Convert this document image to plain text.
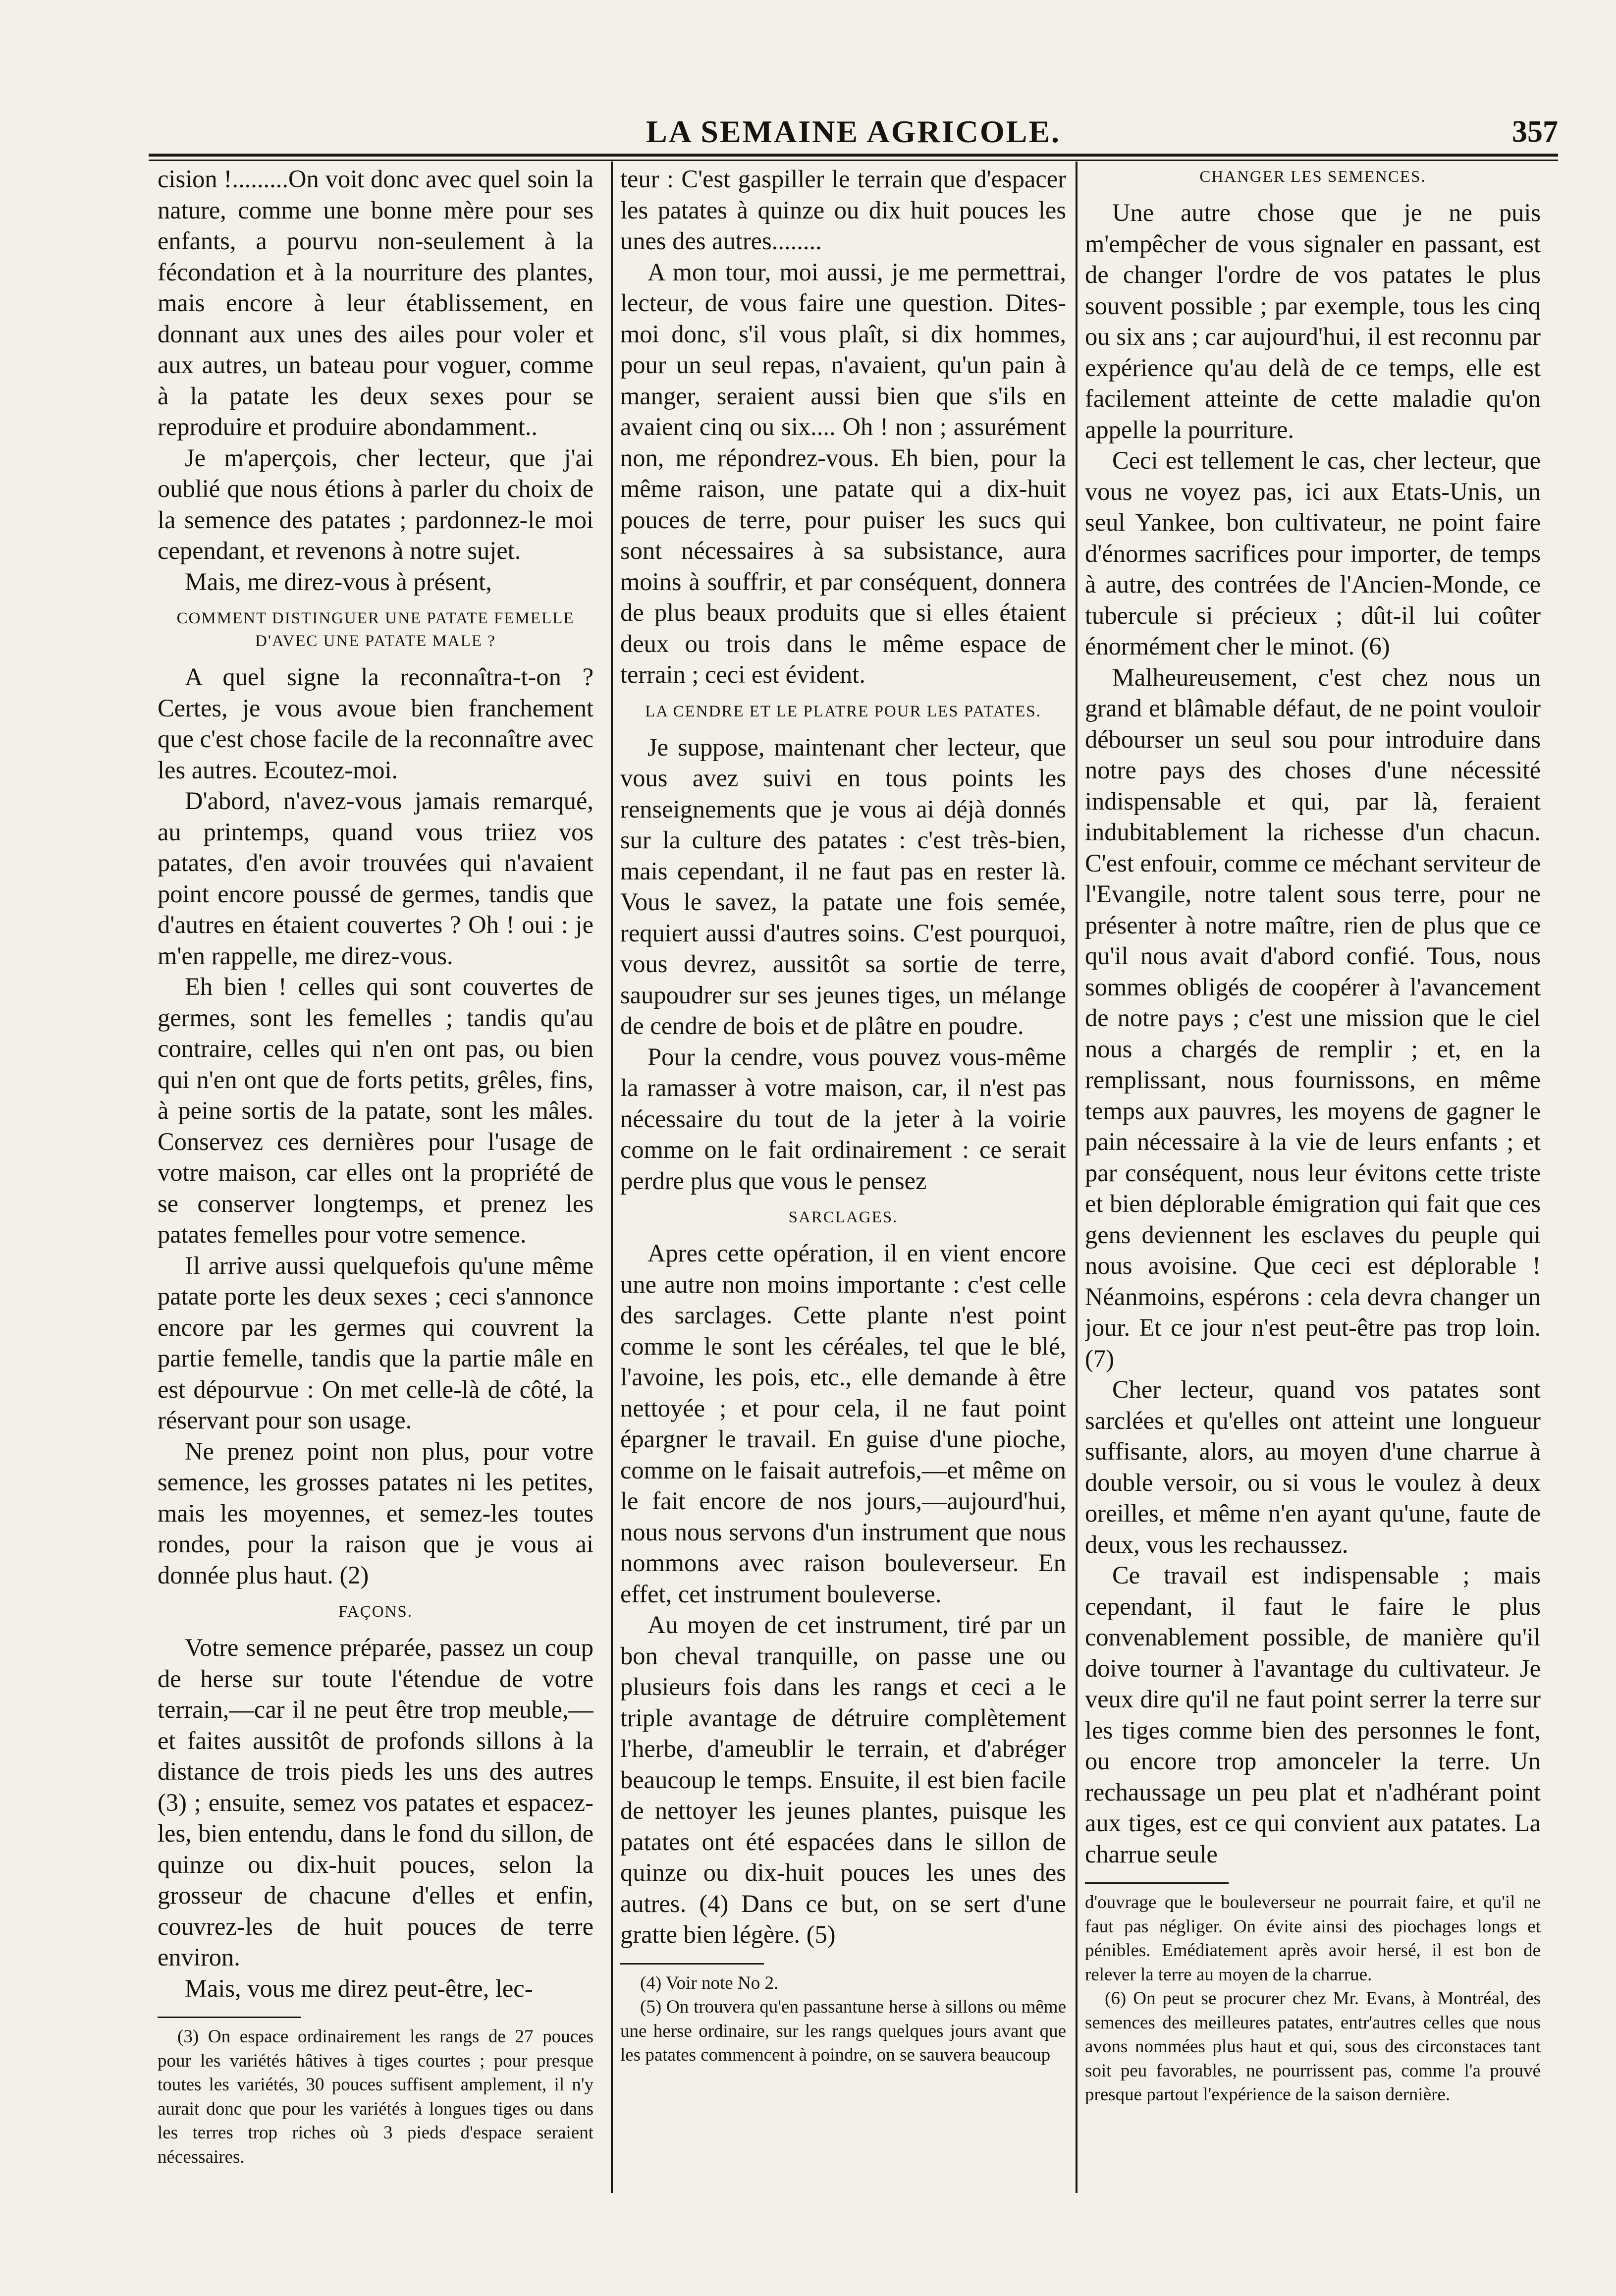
LA SEMAINE AGRICOLE.	357

cision !.........On voit donc avec quel soin la nature, comme une bonne mère pour ses enfants, a pourvu non-seulement à la fécondation et à la nourriture des plantes, mais encore à leur établissement, en donnant aux unes des ailes pour voler et aux autres, un bateau pour voguer, comme à la patate les deux sexes pour se reproduire et produire abondamment..

Je m'aperçois, cher lecteur, que j'ai oublié que nous étions à parler du choix de la semence des patates ; pardonnez-le moi cependant, et revenons à notre sujet.

Mais, me direz-vous à présent,

COMMENT DISTINGUER UNE PATATE FEMELLE D'AVEC UNE PATATE MALE ?

A quel signe la reconnaîtra-t-on ? Certes, je vous avoue bien franchement que c'est chose facile de la reconnaître avec les autres. Ecoutez-moi.

D'abord, n'avez-vous jamais remarqué, au printemps, quand vous triiez vos patates, d'en avoir trouvées qui n'avaient point encore poussé de germes, tandis que d'autres en étaient couvertes ? Oh ! oui : je m'en rappelle, me direz-vous.

Eh bien ! celles qui sont couvertes de germes, sont les femelles ; tandis qu'au contraire, celles qui n'en ont pas, ou bien qui n'en ont que de forts petits, grêles, fins, à peine sortis de la patate, sont les mâles. Conservez ces dernières pour l'usage de votre maison, car elles ont la propriété de se conserver longtemps, et prenez les patates femelles pour votre semence.

Il arrive aussi quelquefois qu'une même patate porte les deux sexes ; ceci s'annonce encore par les germes qui couvrent la partie femelle, tandis que la partie mâle en est dépourvue : On met celle-là de côté, la réservant pour son usage.

Ne prenez point non plus, pour votre semence, les grosses patates ni les petites, mais les moyennes, et semez-les toutes rondes, pour la raison que je vous ai donnée plus haut. (2)

FAÇONS.

Votre semence préparée, passez un coup de herse sur toute l'étendue de votre terrain,—car il ne peut être trop meuble,—et faites aussitôt de profonds sillons à la distance de trois pieds les uns des autres (3) ; ensuite, semez vos patates et espacez-les, bien entendu, dans le fond du sillon, de quinze ou dix-huit pouces, selon la grosseur de chacune d'elles et enfin, couvrez-les de huit pouces de terre environ.

Mais, vous me direz peut-être, lec-

(3) On espace ordinairement les rangs de 27 pouces pour les variétés hâtives à tiges courtes ; pour presque toutes les variétés, 30 pouces suffisent amplement, il n'y aurait donc que pour les variétés à longues tiges ou dans les terres trop riches où 3 pieds d'espace seraient nécessaires.

teur : C'est gaspiller le terrain que d'espacer les patates à quinze ou dix huit pouces les unes des autres........

A mon tour, moi aussi, je me permettrai, lecteur, de vous faire une question. Dites-moi donc, s'il vous plaît, si dix hommes, pour un seul repas, n'avaient, qu'un pain à manger, seraient aussi bien que s'ils en avaient cinq ou six.... Oh ! non ; assurément non, me répondrez-vous. Eh bien, pour la même raison, une patate qui a dix-huit pouces de terre, pour puiser les sucs qui sont nécessaires à sa subsistance, aura moins à souffrir, et par conséquent, donnera de plus beaux produits que si elles étaient deux ou trois dans le même espace de terrain ; ceci est évident.

LA CENDRE ET LE PLATRE POUR LES PATATES.

Je suppose, maintenant cher lecteur, que vous avez suivi en tous points les renseignements que je vous ai déjà donnés sur la culture des patates : c'est très-bien, mais cependant, il ne faut pas en rester là. Vous le savez, la patate une fois semée, requiert aussi d'autres soins. C'est pourquoi, vous devrez, aussitôt sa sortie de terre, saupoudrer sur ses jeunes tiges, un mélange de cendre de bois et de plâtre en poudre.

Pour la cendre, vous pouvez vous-même la ramasser à votre maison, car, il n'est pas nécessaire du tout de la jeter à la voirie comme on le fait ordinairement : ce serait perdre plus que vous le pensez

SARCLAGES.

Apres cette opération, il en vient encore une autre non moins importante : c'est celle des sarclages. Cette plante n'est point comme le sont les céréales, tel que le blé, l'avoine, les pois, etc., elle demande à être nettoyée ; et pour cela, il ne faut point épargner le travail. En guise d'une pioche, comme on le faisait autrefois,—et même on le fait encore de nos jours,—aujourd'hui, nous nous servons d'un instrument que nous nommons avec raison bouleverseur. En effet, cet instrument bouleverse.

Au moyen de cet instrument, tiré par un bon cheval tranquille, on passe une ou plusieurs fois dans les rangs et ceci a le triple avantage de détruire complètement l'herbe, d'ameublir le terrain, et d'abréger beaucoup le temps. Ensuite, il est bien facile de nettoyer les jeunes plantes, puisque les patates ont été espacées dans le sillon de quinze ou dix-huit pouces les unes des autres. (4) Dans ce but, on se sert d'une gratte bien légère. (5)

(4) Voir note No 2.

(5) On trouvera qu'en passantune herse à sillons ou même une herse ordinaire, sur les rangs quelques jours avant que les patates commencent à poindre, on se sauvera beaucoup

CHANGER LES SEMENCES.

Une autre chose que je ne puis m'empêcher de vous signaler en passant, est de changer l'ordre de vos patates le plus souvent possible ; par exemple, tous les cinq ou six ans ; car aujourd'hui, il est reconnu par expérience qu'au delà de ce temps, elle est facilement atteinte de cette maladie qu'on appelle la pourriture.

Ceci est tellement le cas, cher lecteur, que vous ne voyez pas, ici aux Etats-Unis, un seul Yankee, bon cultivateur, ne point faire d'énormes sacrifices pour importer, de temps à autre, des contrées de l'Ancien-Monde, ce tubercule si précieux ; dût-il lui coûter énormément cher le minot. (6)

Malheureusement, c'est chez nous un grand et blâmable défaut, de ne point vouloir débourser un seul sou pour introduire dans notre pays des choses d'une nécessité indispensable et qui, par là, feraient indubitablement la richesse d'un chacun. C'est enfouir, comme ce méchant serviteur de l'Evangile, notre talent sous terre, pour ne présenter à notre maître, rien de plus que ce qu'il nous avait d'abord confié. Tous, nous sommes obligés de coopérer à l'avancement de notre pays ; c'est une mission que le ciel nous a chargés de remplir ; et, en la remplissant, nous fournissons, en même temps aux pauvres, les moyens de gagner le pain nécessaire à la vie de leurs enfants ; et par conséquent, nous leur évitons cette triste et bien déplorable émigration qui fait que ces gens deviennent les esclaves du peuple qui nous avoisine. Que ceci est déplorable ! Néanmoins, espérons : cela devra changer un jour. Et ce jour n'est peut-être pas trop loin. (7)

Cher lecteur, quand vos patates sont sarclées et qu'elles ont atteint une longueur suffisante, alors, au moyen d'une charrue à double versoir, ou si vous le voulez à deux oreilles, et même n'en ayant qu'une, faute de deux, vous les rechaussez.

Ce travail est indispensable ; mais cependant, il faut le faire le plus convenablement possible, de manière qu'il doive tourner à l'avantage du cultivateur. Je veux dire qu'il ne faut point serrer la terre sur les tiges comme bien des personnes le font, ou encore trop amonceler la terre. Un rechaussage un peu plat et n'adhérant point aux tiges, est ce qui convient aux patates. La charrue seule

d'ouvrage que le bouleverseur ne pourrait faire, et qu'il ne faut pas négliger. On évite ainsi des piochages longs et pénibles. Emédiatement après avoir hersé, il est bon de relever la terre au moyen de la charrue.

(6) On peut se procurer chez Mr. Evans, à Montréal, des semences des meilleures patates, entr'autres celles que nous avons nommées plus haut et qui, sous des circonstaces tant soit peu favorables, ne pourrissent pas, comme l'a prouvé presque partout l'expérience de la saison dernière.
